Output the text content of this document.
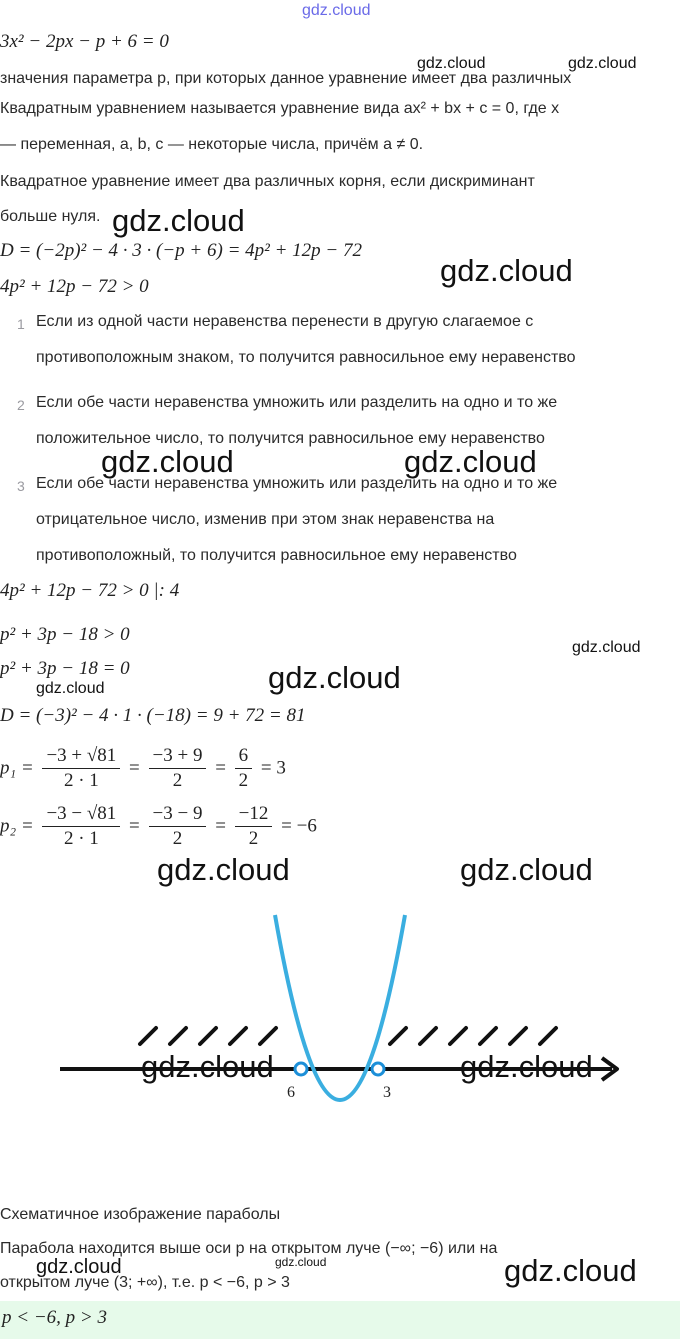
gdz.cloud
3x² − 2px − p + 6 = 0
значения параметра p, при которых данное уравнение имеет два различных
Квадратным уравнением называется уравнение вида ax² + bx + c = 0, где x
— переменная, a, b, c — некоторые числа, причём a ≠ 0.
Квадратное уравнение имеет два различных корня, если дискриминант
больше нуля.
D = (−2p)² − 4 · 3 · (−p + 6) = 4p² + 12p − 72
4p² + 12p − 72 > 0
1 Если из одной части неравенства перенести в другую слагаемое с
противоположным знаком, то получится равносильное ему неравенство
2 Если обе части неравенства умножить или разделить на одно и то же
положительное число, то получится равносильное ему неравенство
3 Если обе части неравенства умножить или разделить на одно и то же
отрицательное число, изменив при этом знак неравенства на
противоположный, то получится равносильное ему неравенство
4p² + 12p − 72 > 0 |: 4
p² + 3p − 18 > 0
p² + 3p − 18 = 0
D = (−3)² − 4 · 1 · (−18) = 9 + 72 = 81
$p_1 = \frac{-3 + √81}{2 \cdot 1} = \frac{-3 + 9}{2} = \frac{6}{2} = 3$
$p_2 = \frac{-3 - √81}{2 \cdot 1} = \frac{-3 - 9}{2} = \frac{-12}{2} = -6$
6	3
Схематичное изображение параболы
Парабола находится выше оси p на открытом луче (−∞; −6) или на
открытом луче (3; +∞), т.е. p < −6, p > 3
p < −6, p > 3
gdz.cloud	gdz.cloud
gdz.cloud
gdz.cloud
gdz.cloud	gdz.cloud
gdz.cloud
gdz.cloud
gdz.cloud
gdz.cloud	gdz.cloud
gdz.cloud	gdz.cloud
gdz.cloud	gdz.cloud	gdz.cloud
